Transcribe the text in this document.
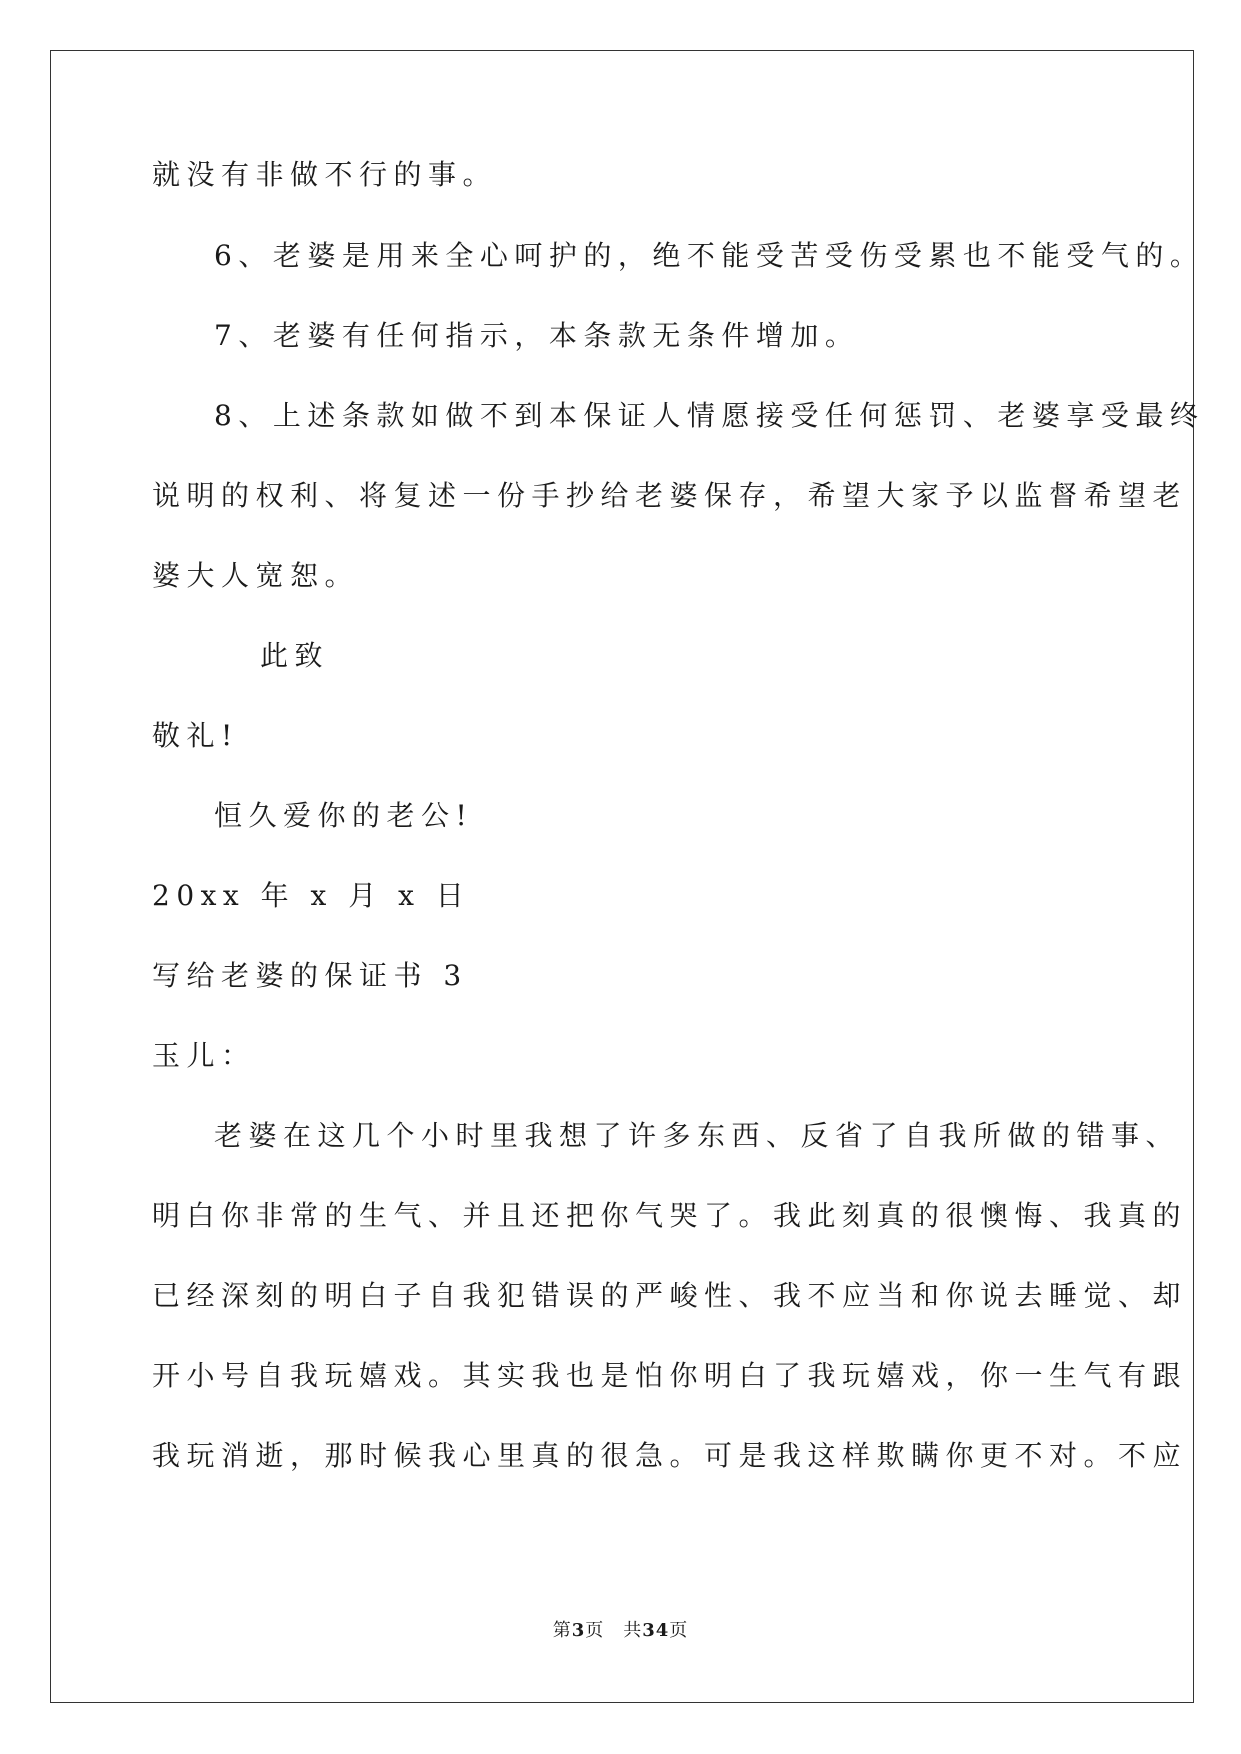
就没有非做不行的事。
6、老婆是用来全心呵护的，绝不能受苦受伤受累也不能受气的。
7、老婆有任何指示，本条款无条件增加。
8、上述条款如做不到本保证人情愿接受任何惩罚、老婆享受最终
说明的权利、将复述一份手抄给老婆保存，希望大家予以监督希望老
婆大人宽恕。
此致
敬礼!
恒久爱你的老公!
20xx 年 x 月 x 日
写给老婆的保证书 3
玉儿：
老婆在这几个小时里我想了许多东西、反省了自我所做的错事、
明白你非常的生气、并且还把你气哭了。我此刻真的很懊悔、我真的
已经深刻的明白子自我犯错误的严峻性、我不应当和你说去睡觉、却
开小号自我玩嬉戏。其实我也是怕你明白了我玩嬉戏，你一生气有跟
我玩消逝，那时候我心里真的很急。可是我这样欺瞒你更不对。不应
第3页　共34页
